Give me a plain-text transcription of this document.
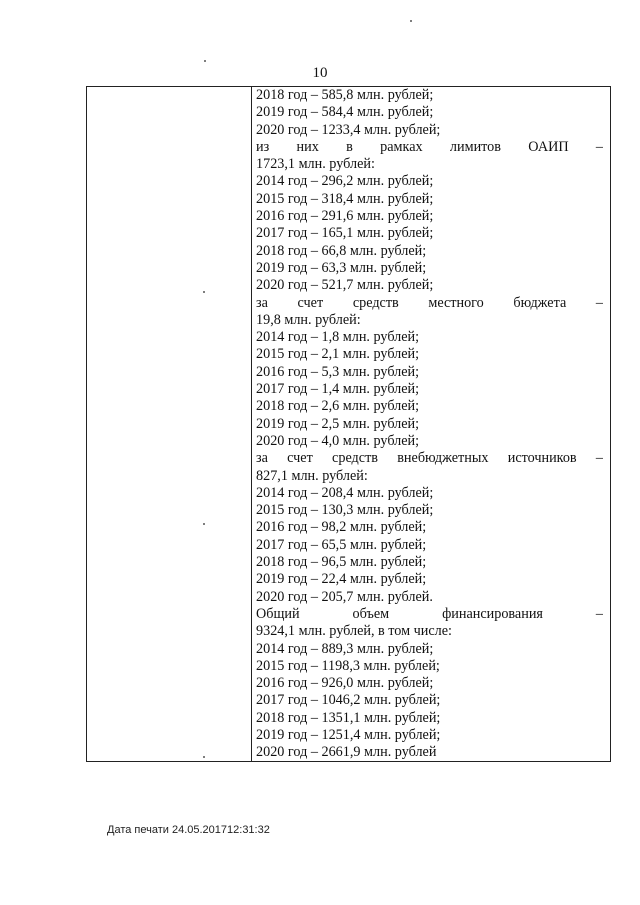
10
2018 год – 585,8 млн. рублей;
2019 год – 584,4 млн. рублей;
2020 год – 1233,4 млн. рублей;
из них в рамках лимитов ОАИП –
1723,1 млн. рублей:
2014 год – 296,2 млн. рублей;
2015 год – 318,4 млн. рублей;
2016 год – 291,6 млн. рублей;
2017 год – 165,1 млн. рублей;
2018 год – 66,8 млн. рублей;
2019 год – 63,3 млн. рублей;
2020 год – 521,7 млн. рублей;
за счет средств местного бюджета –
19,8 млн. рублей:
2014 год – 1,8 млн. рублей;
2015 год – 2,1 млн. рублей;
2016 год – 5,3 млн. рублей;
2017 год – 1,4 млн. рублей;
2018 год – 2,6 млн. рублей;
2019 год – 2,5 млн. рублей;
2020 год – 4,0 млн. рублей;
за счет средств внебюджетных источников –
827,1 млн. рублей:
2014 год – 208,4 млн. рублей;
2015 год – 130,3 млн. рублей;
2016 год – 98,2 млн. рублей;
2017 год – 65,5 млн. рублей;
2018 год – 96,5 млн. рублей;
2019 год – 22,4 млн. рублей;
2020 год – 205,7 млн. рублей.
Общий объем финансирования –
9324,1 млн. рублей, в том числе:
2014 год – 889,3 млн. рублей;
2015 год – 1198,3 млн. рублей;
2016 год – 926,0 млн. рублей;
2017 год – 1046,2 млн. рублей;
2018 год – 1351,1 млн. рублей;
2019 год – 1251,4 млн. рублей;
2020 год – 2661,9 млн. рублей
Дата печати 24.05.201712:31:32
